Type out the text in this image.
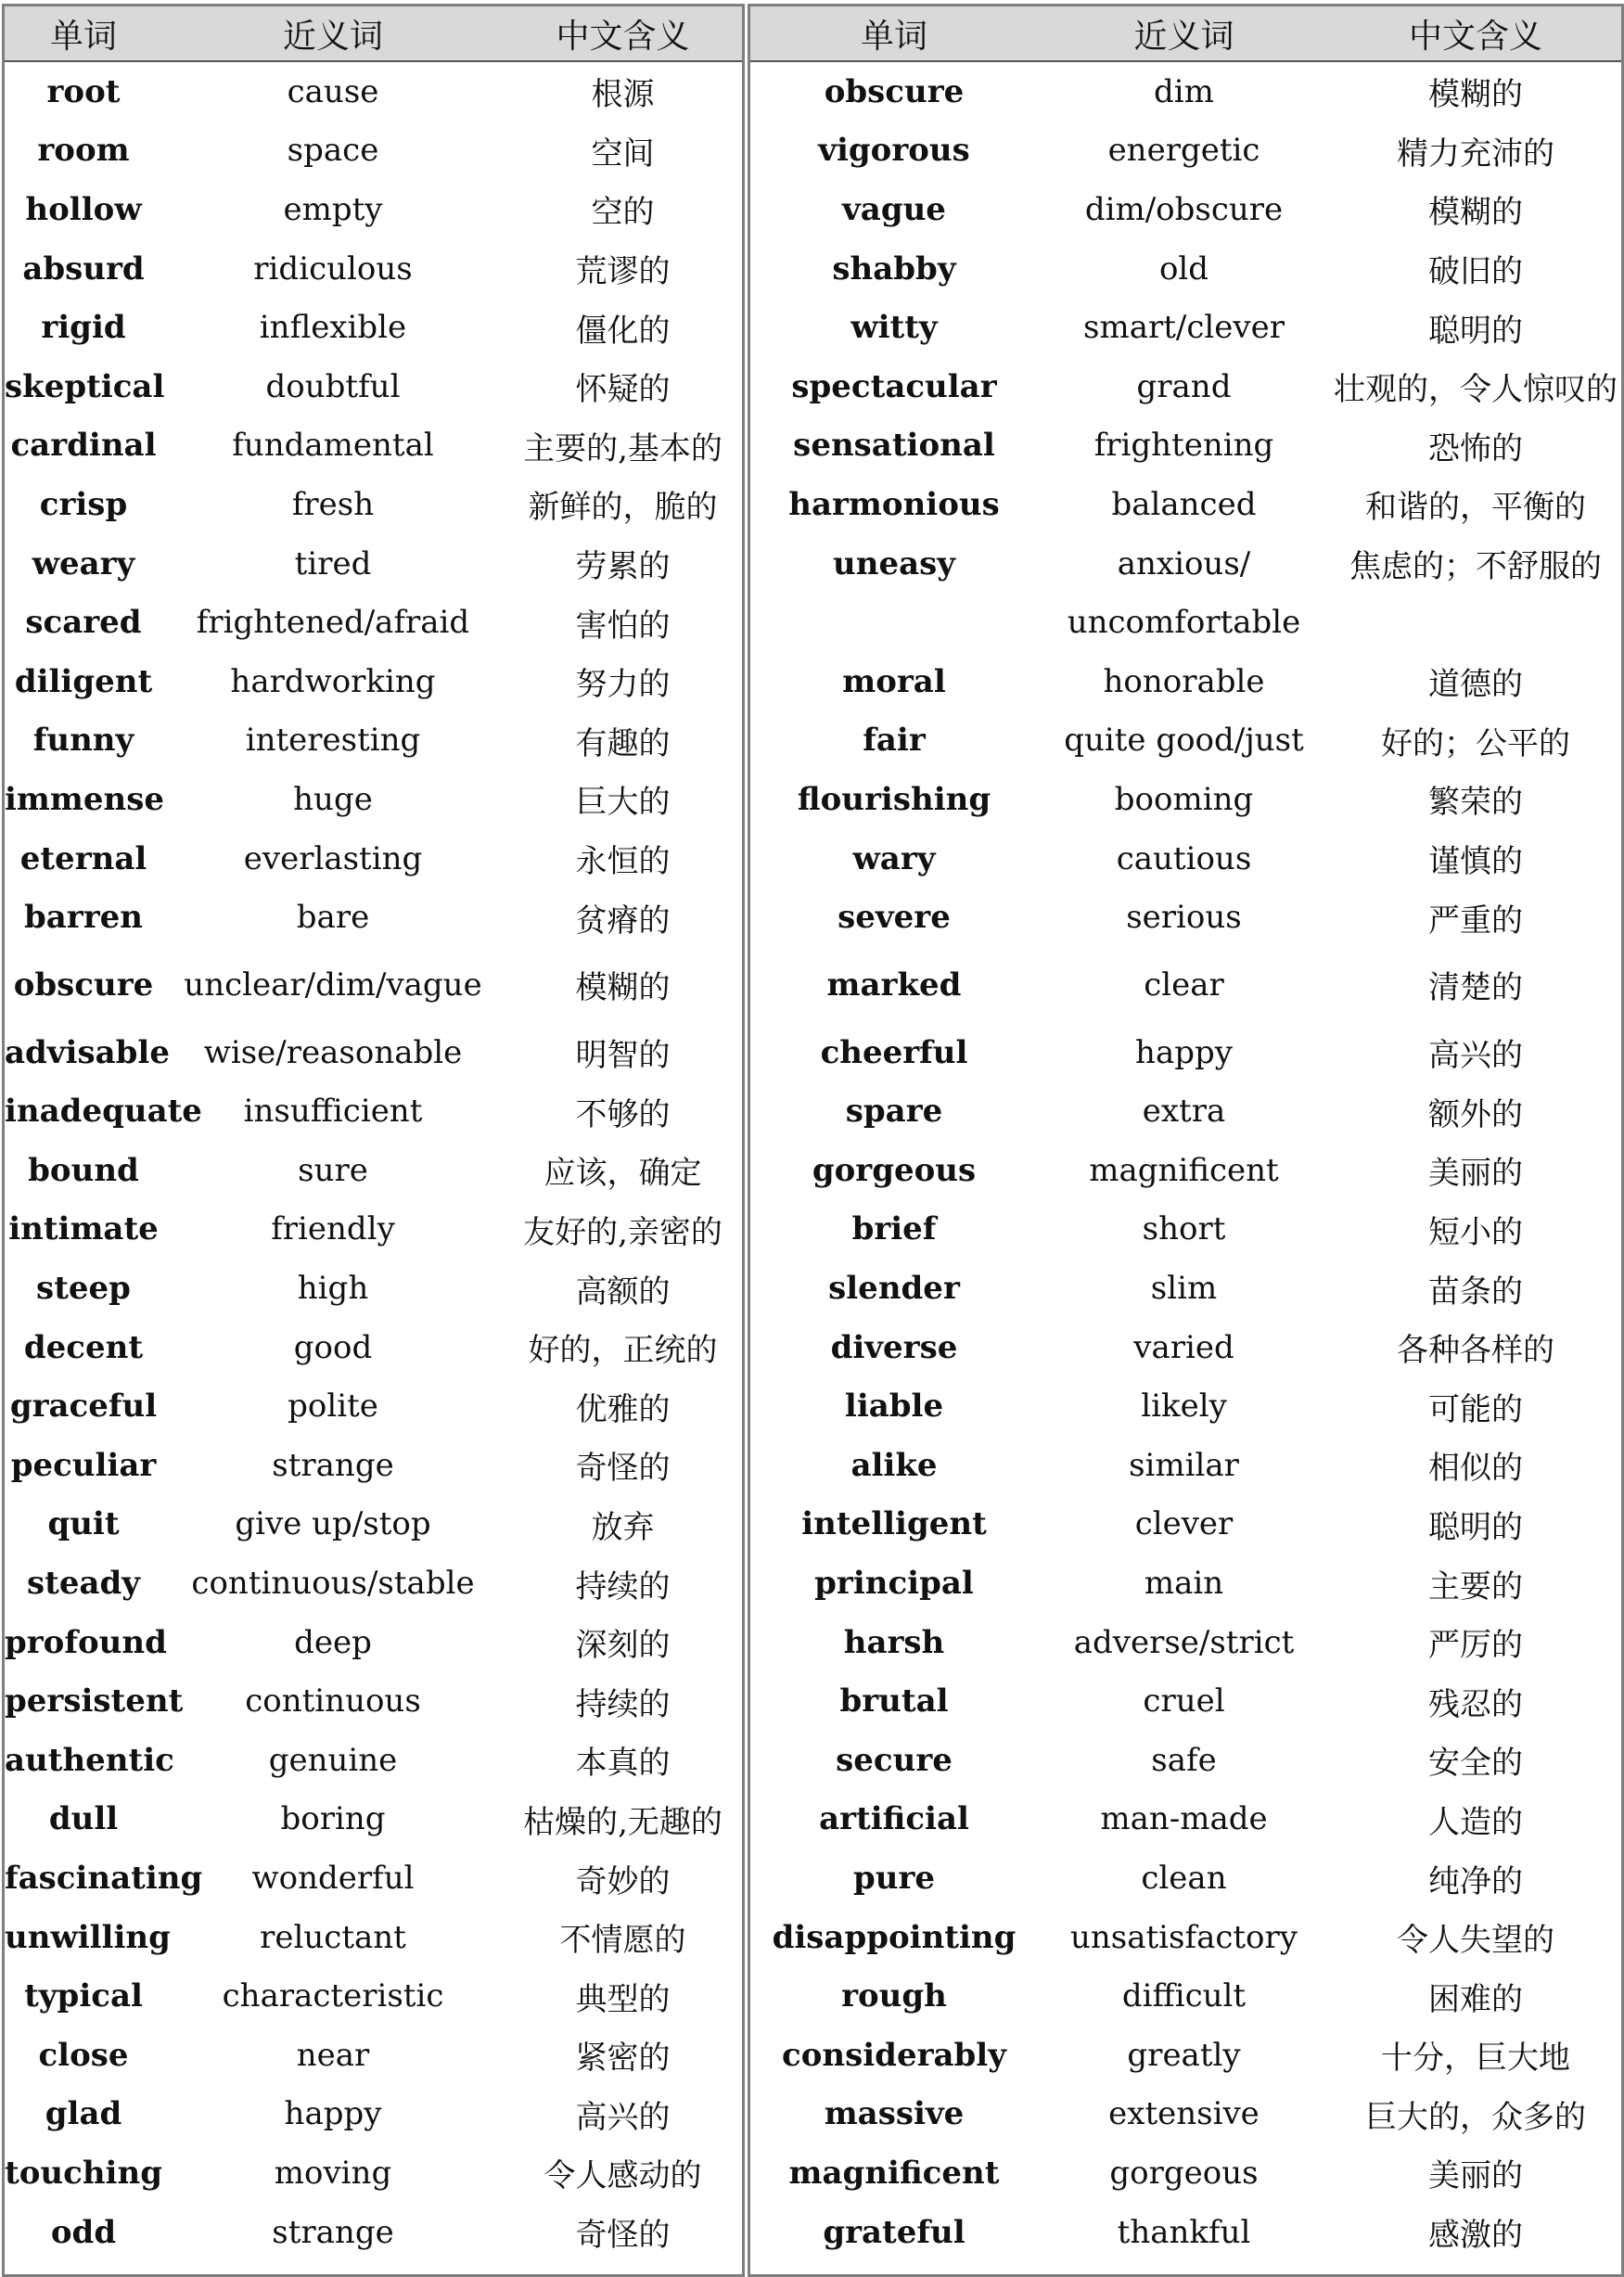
单词	近义词	中文含义
root	cause	根源
room	space	空间
hollow	empty	空的
absurd	ridiculous	荒谬的
rigid	inflexible	僵化的
skeptical	doubtful	怀疑的
cardinal	fundamental	主要的,基本的
crisp	fresh	新鲜的，脆的
weary	tired	劳累的
scared	frightened/afraid	害怕的
diligent	hardworking	努力的
funny	interesting	有趣的
immense	huge	巨大的
eternal	everlasting	永恒的
barren	bare	贫瘠的
obscure	unclear/dim/vague	模糊的
advisable	wise/reasonable	明智的
inadequate	insufficient	不够的
bound	sure	应该，确定
intimate	friendly	友好的,亲密的
steep	high	高额的
decent	good	好的，正统的
graceful	polite	优雅的
peculiar	strange	奇怪的
quit	give up/stop	放弃
steady	continuous/stable	持续的
profound	deep	深刻的
persistent	continuous	持续的
authentic	genuine	本真的
dull	boring	枯燥的,无趣的
fascinating	wonderful	奇妙的
unwilling	reluctant	不情愿的
typical	characteristic	典型的
close	near	紧密的
glad	happy	高兴的
touching	moving	令人感动的
odd	strange	奇怪的
单词	近义词	中文含义
obscure	dim	模糊的
vigorous	energetic	精力充沛的
vague	dim/obscure	模糊的
shabby	old	破旧的
witty	smart/clever	聪明的
spectacular	grand	壮观的，令人惊叹的
sensational	frightening	恐怖的
harmonious	balanced	和谐的，平衡的
uneasy	anxious/	焦虑的；不舒服的
	uncomfortable	
moral	honorable	道德的
fair	quite good/just	好的；公平的
flourishing	booming	繁荣的
wary	cautious	谨慎的
severe	serious	严重的
marked	clear	清楚的
cheerful	happy	高兴的
spare	extra	额外的
gorgeous	magnificent	美丽的
brief	short	短小的
slender	slim	苗条的
diverse	varied	各种各样的
liable	likely	可能的
alike	similar	相似的
intelligent	clever	聪明的
principal	main	主要的
harsh	adverse/strict	严厉的
brutal	cruel	残忍的
secure	safe	安全的
artificial	man-made	人造的
pure	clean	纯净的
disappointing	unsatisfactory	令人失望的
rough	difficult	困难的
considerably	greatly	十分，巨大地
massive	extensive	巨大的，众多的
magnificent	gorgeous	美丽的
grateful	thankful	感激的
